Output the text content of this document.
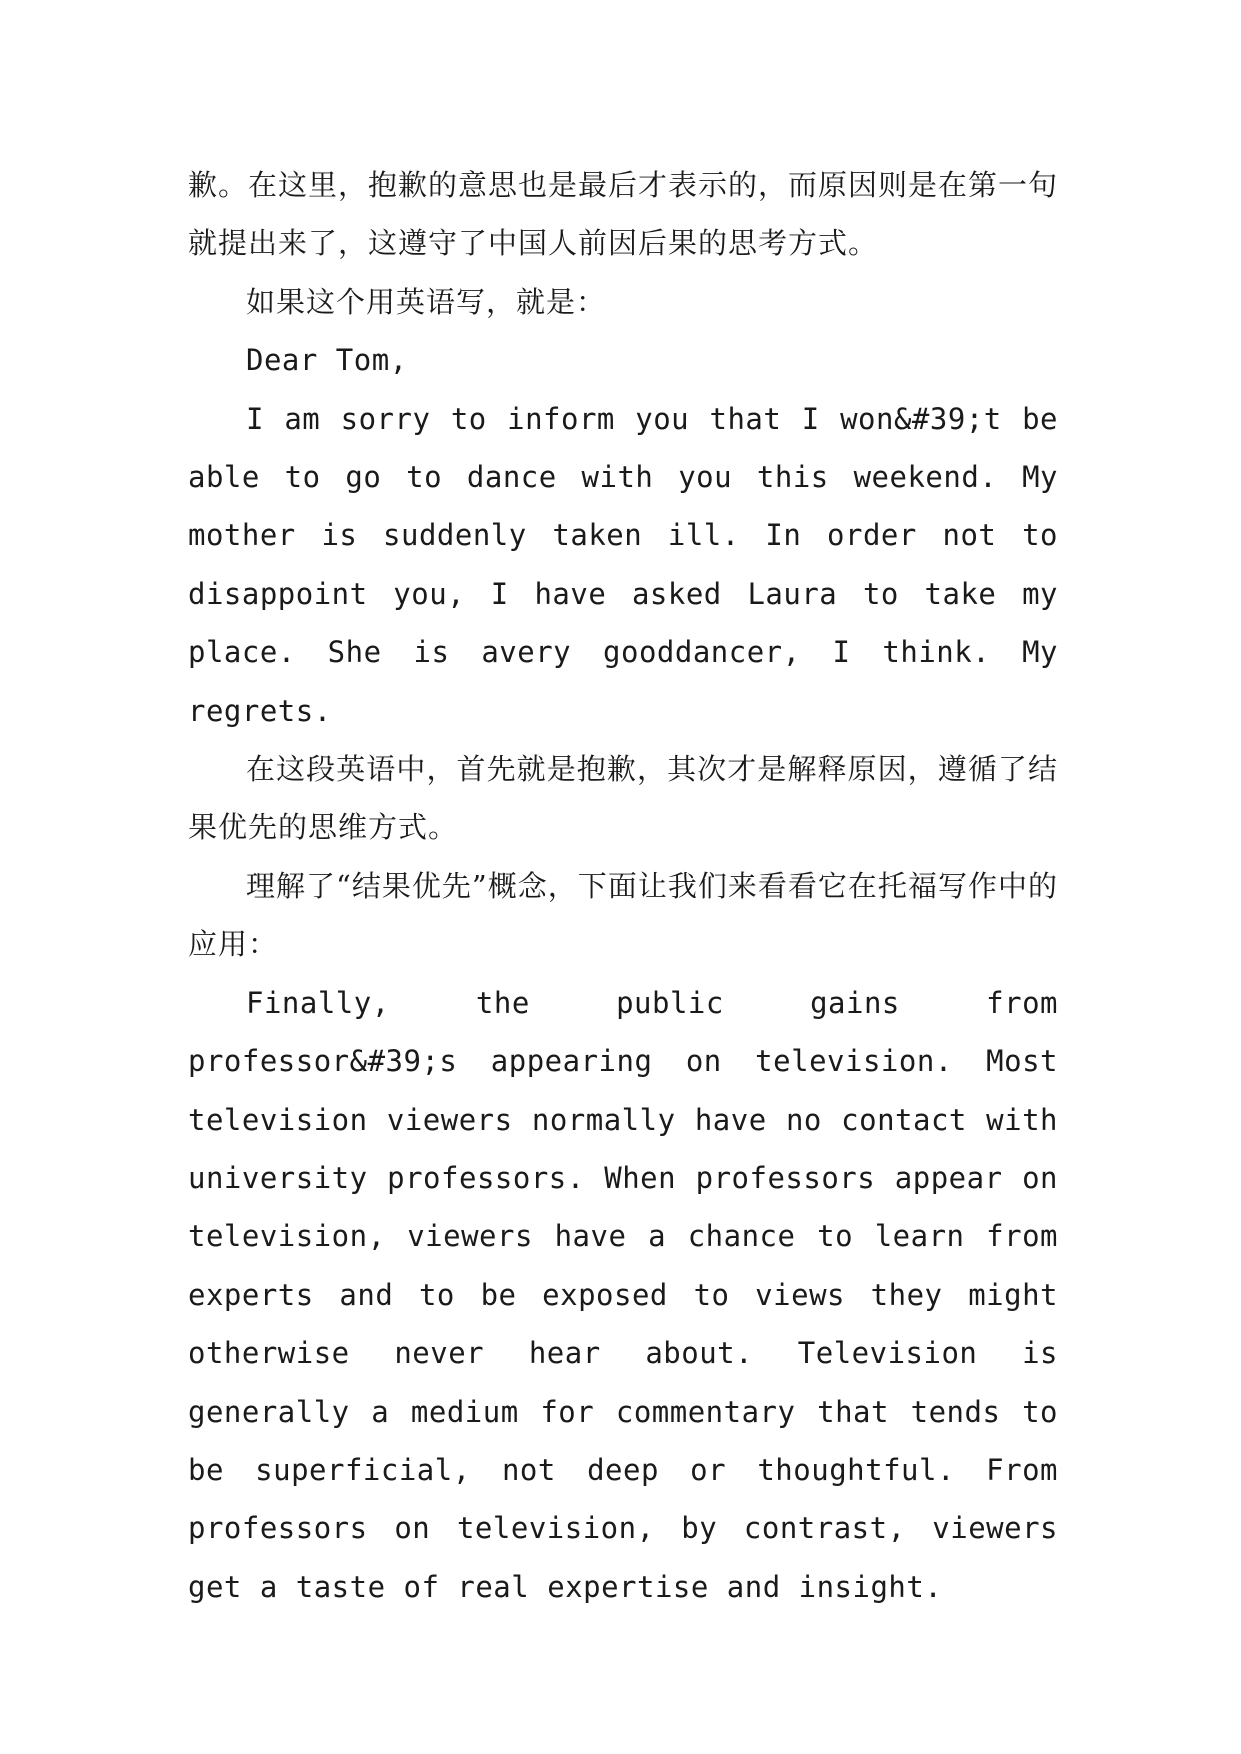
歉。在这里，抱歉的意思也是最后才表示的，而原因则是在第一句就提出来了，这遵守了中国人前因后果的思考方式。

如果这个用英语写，就是：

Dear Tom,

I am sorry to inform you that I won&#39;t be able to go to dance with you this weekend. My mother is suddenly taken ill. In order not to disappoint you, I have asked Laura to take my place. She is avery gooddancer, I think. My regrets.

在这段英语中，首先就是抱歉，其次才是解释原因，遵循了结果优先的思维方式。

理解了“结果优先”概念，下面让我们来看看它在托福写作中的应用：

Finally, the public gains from professor&#39;s appearing on television. Most television viewers normally have no contact with university professors. When professors appear on television, viewers have a chance to learn from experts and to be exposed to views they might otherwise never hear about. Television is generally a medium for commentary that tends to be superficial, not deep or thoughtful. From professors on television, by contrast, viewers get a taste of real expertise and insight.
